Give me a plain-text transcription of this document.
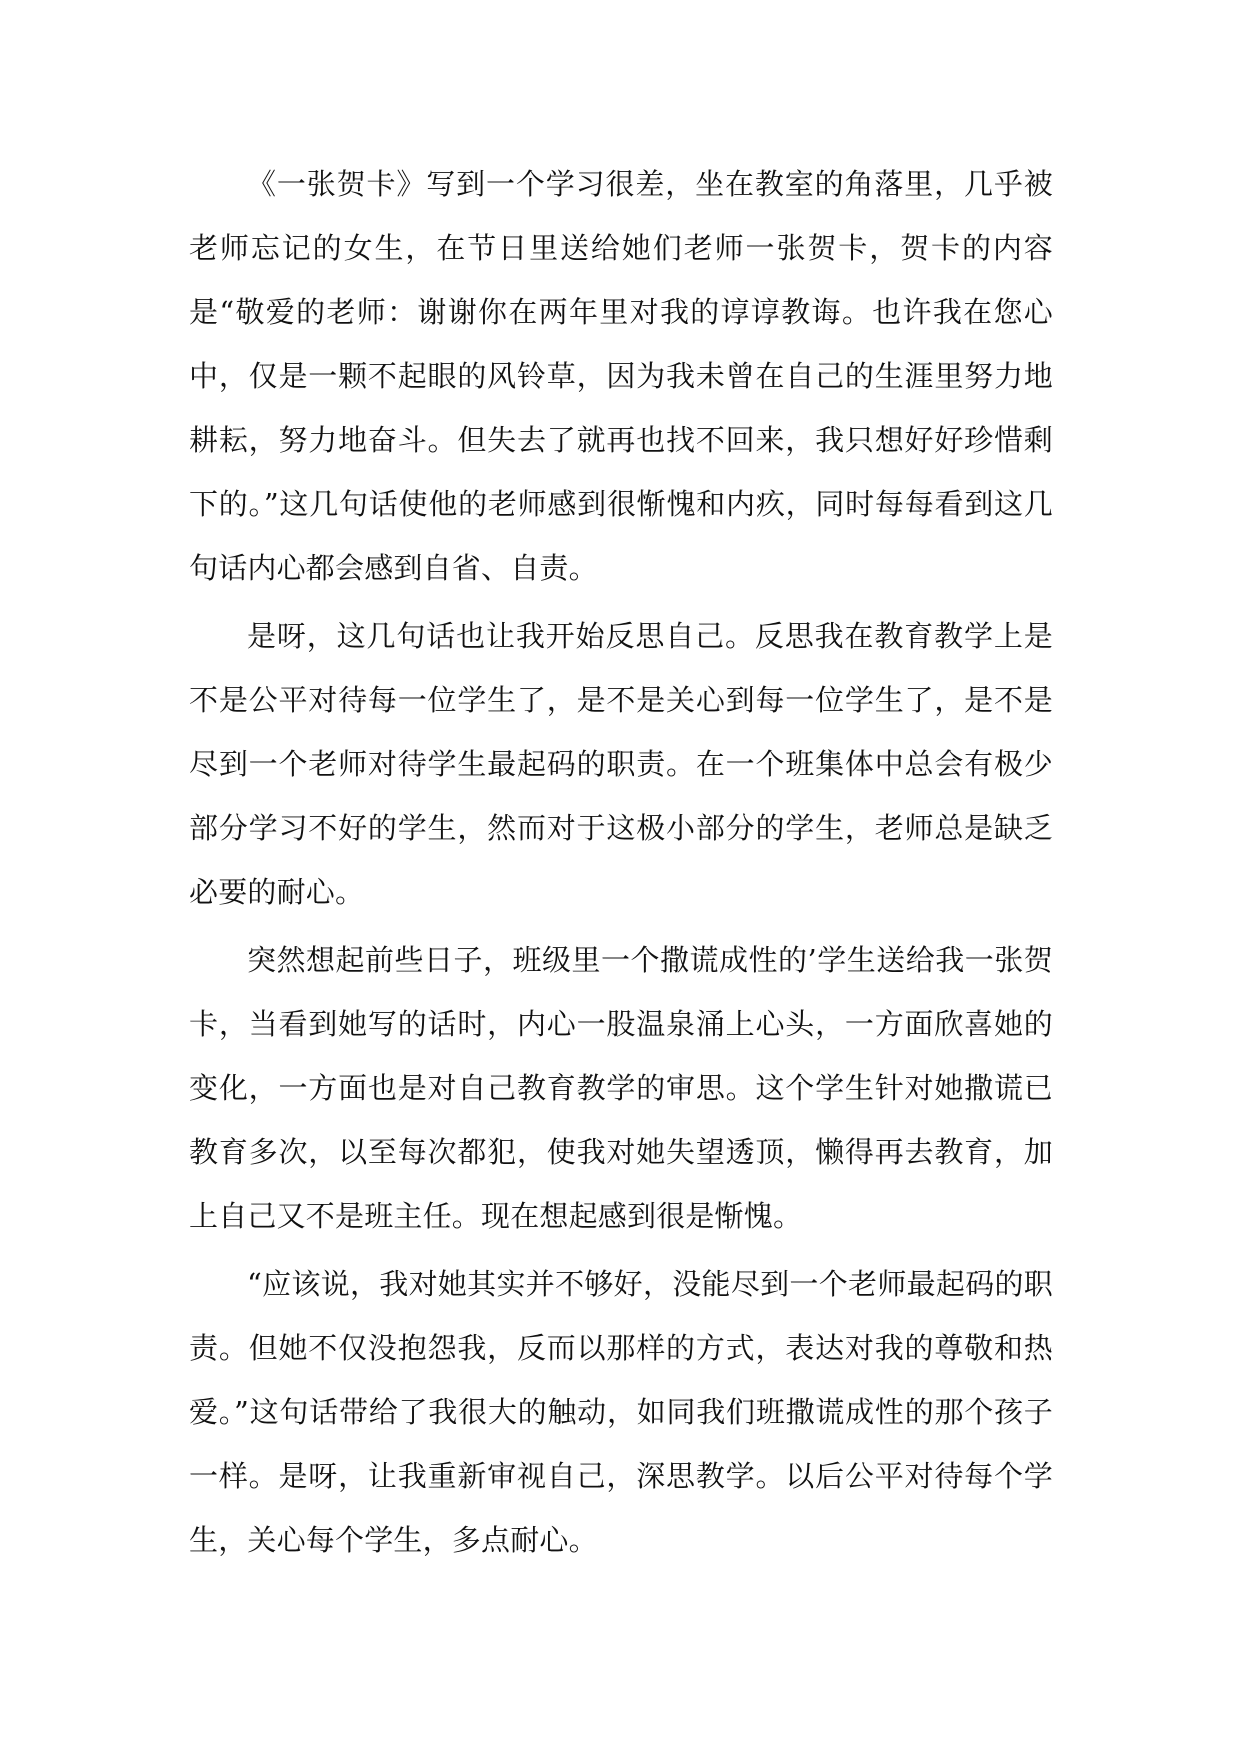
《一张贺卡》写到一个学习很差，坐在教室的角落里，几乎被老师忘记的女生，在节日里送给她们老师一张贺卡，贺卡的内容是“敬爱的老师：谢谢你在两年里对我的谆谆教诲。也许我在您心中，仅是一颗不起眼的风铃草，因为我未曾在自己的生涯里努力地耕耘，努力地奋斗。但失去了就再也找不回来，我只想好好珍惜剩下的。”这几句话使他的老师感到很惭愧和内疚，同时每每看到这几句话内心都会感到自省、自责。

是呀，这几句话也让我开始反思自己。反思我在教育教学上是不是公平对待每一位学生了，是不是关心到每一位学生了，是不是尽到一个老师对待学生最起码的职责。在一个班集体中总会有极少部分学习不好的学生，然而对于这极小部分的学生，老师总是缺乏必要的耐心。

突然想起前些日子，班级里一个撒谎成性的’学生送给我一张贺卡，当看到她写的话时，内心一股温泉涌上心头，一方面欣喜她的变化，一方面也是对自己教育教学的审思。这个学生针对她撒谎已教育多次，以至每次都犯，使我对她失望透顶，懒得再去教育，加上自己又不是班主任。现在想起感到很是惭愧。

“应该说，我对她其实并不够好，没能尽到一个老师最起码的职责。但她不仅没抱怨我，反而以那样的方式，表达对我的尊敬和热爱。”这句话带给了我很大的触动，如同我们班撒谎成性的那个孩子一样。是呀，让我重新审视自己，深思教学。以后公平对待每个学生，关心每个学生，多点耐心。
